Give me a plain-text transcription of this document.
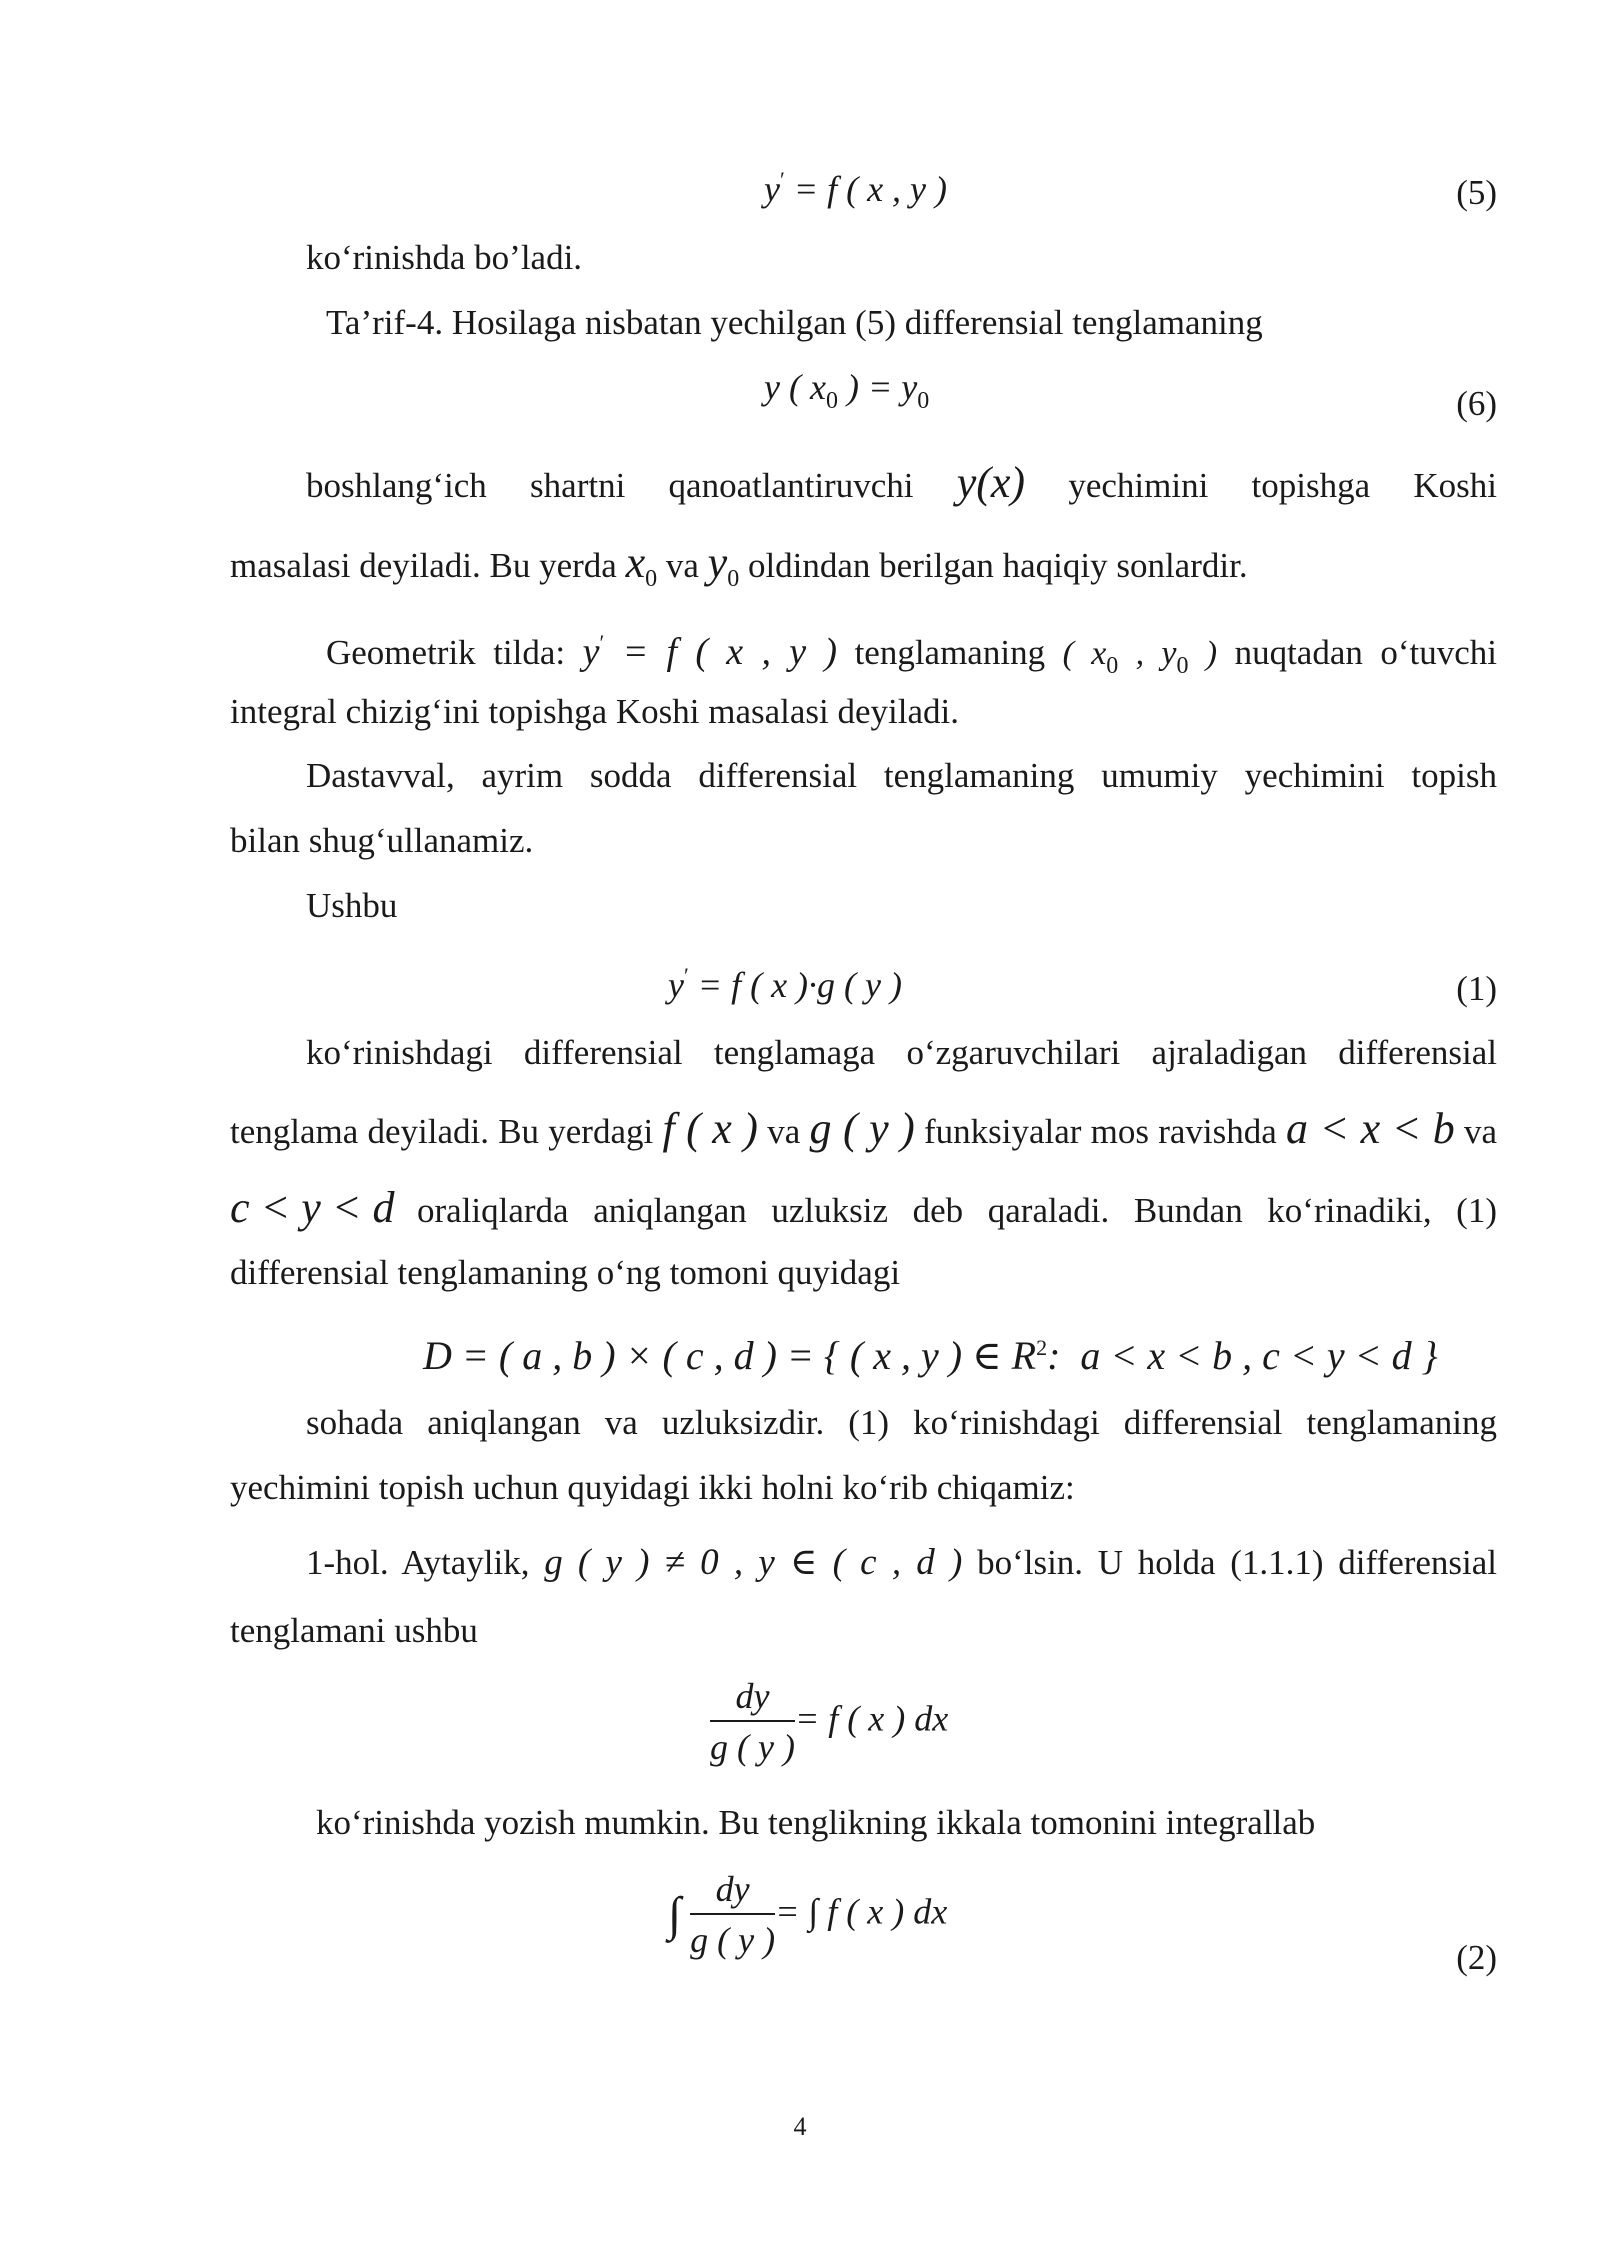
y′ = f ( x , y )	(5)
ko‘rinishda bo’ladi.
Ta’rif-4. Hosilaga nisbatan yechilgan (5) differensial tenglamaning
y ( $x_0$ ) = $y_0$	(6)
boshlang‘ich shartni qanoatlantiruvchi y(x) yechimini topishga Koshi
masalasi deyiladi. Bu yerda $x_0$ va $y_0$ oldindan berilgan haqiqiy sonlardir.
Geometrik tilda: y′ = f ( x , y ) tenglamaning ( $x_0$ , $y_0$ ) nuqtadan o‘tuvchi
integral chizig‘ini topishga Koshi masalasi deyiladi.
Dastavval, ayrim sodda differensial tenglamaning umumiy yechimini topish
bilan shug‘ullanamiz.
Ushbu
y′ = f ( x )·g ( y )	(1)
ko‘rinishdagi differensial tenglamaga o‘zgaruvchilari ajraladigan differensial
tenglama deyiladi. Bu yerdagi f ( x ) va g ( y ) funksiyalar mos ravishda a < x < b va
c < y < d oraliqlarda aniqlangan uzluksiz deb qaraladi. Bundan ko‘rinadiki, (1)
differensial tenglamaning o‘ng tomoni quyidagi
D = ( a , b ) × ( c , d ) = { ( x , y ) ∈ $R^2$:  a < x < b , c < y < d }
sohada aniqlangan va uzluksizdir. (1) ko‘rinishdagi differensial tenglamaning
yechimini topish uchun quyidagi ikki holni ko‘rib chiqamiz:
1-hol. Aytaylik, g ( y ) ≠ 0 , y ∈ ( c , d ) bo‘lsin. U holda (1.1.1) differensial
tenglamani ushbu
$\frac{dy}{g ( y )} = f$ ( x ) dx
ko‘rinishda yozish mumkin. Bu tenglikning ikkala tomonini integrallab
∫ $\frac{dy}{g ( y )}$ = ∫ f ( x ) dx
(2)
4
